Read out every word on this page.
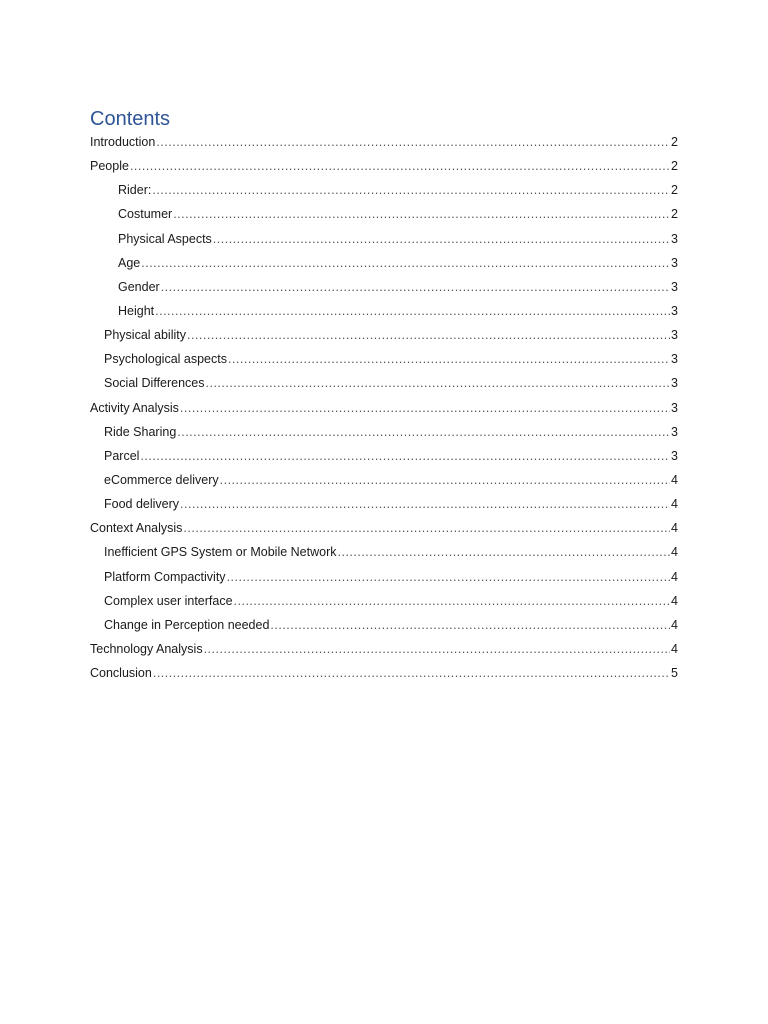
Contents
Introduction .....	2
People .....	2
Rider: .....	2
Costumer .....	2
Physical Aspects .....	3
Age .....	3
Gender .....	3
Height .....	3
Physical ability .....	3
Psychological aspects .....	3
Social Differences .....	3
Activity Analysis .....	3
Ride Sharing .....	3
Parcel .....	3
eCommerce delivery .....	4
Food delivery .....	4
Context Analysis .....	4
Inefficient GPS System or Mobile Network .....	4
Platform Compactivity .....	4
Complex user interface .....	4
Change in Perception needed .....	4
Technology Analysis .....	4
Conclusion .....	5
